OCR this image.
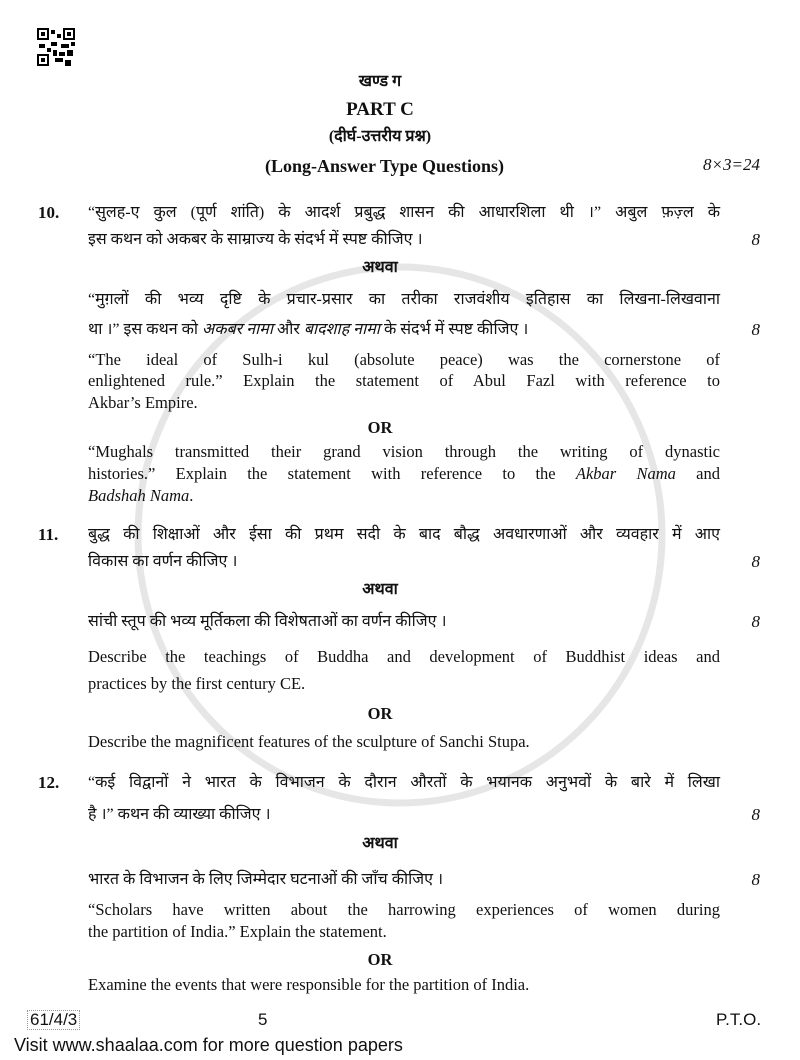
खण्ड ग
PART C
(दीर्घ-उत्तरीय प्रश्न)
(Long-Answer Type Questions)	8×3=24
10.	“सुलह-ए कुल (पूर्ण शांति) के आदर्श प्रबुद्ध शासन की आधारशिला थी ।” अबुल फ़ज़्ल के
इस कथन को अकबर के साम्राज्य के संदर्भ में स्पष्ट कीजिए ।	8
अथवा
“मुग़लों की भव्य दृष्टि के प्रचार-प्रसार का तरीका राजवंशीय इतिहास का लिखना-लिखवाना
था ।” इस कथन को अकबर नामा और बादशाह नामा के संदर्भ में स्पष्ट कीजिए ।	8
“The ideal of Sulh-i kul (absolute peace) was the cornerstone of
enlightened rule.” Explain the statement of Abul Fazl with reference to
Akbar’s Empire.
OR
“Mughals transmitted their grand vision through the writing of dynastic
histories.” Explain the statement with reference to the Akbar Nama and
Badshah Nama.
11.	बुद्ध की शिक्षाओं और ईसा की प्रथम सदी के बाद बौद्ध अवधारणाओं और व्यवहार में आए
विकास का वर्णन कीजिए ।	8
अथवा
सांची स्तूप की भव्य मूर्तिकला की विशेषताओं का वर्णन कीजिए ।	8
Describe the teachings of Buddha and development of Buddhist ideas and
practices by the first century CE.
OR
Describe the magnificent features of the sculpture of Sanchi Stupa.
12.	“कई विद्वानों ने भारत के विभाजन के दौरान औरतों के भयानक अनुभवों के बारे में लिखा
है ।” कथन की व्याख्या कीजिए ।	8
अथवा
भारत के विभाजन के लिए जिम्मेदार घटनाओं की जाँच कीजिए ।	8
“Scholars have written about the harrowing experiences of women during
the partition of India.” Explain the statement.
OR
Examine the events that were responsible for the partition of India.
61/4/3	5	P.T.O.
Visit www.shaalaa.com for more question papers
